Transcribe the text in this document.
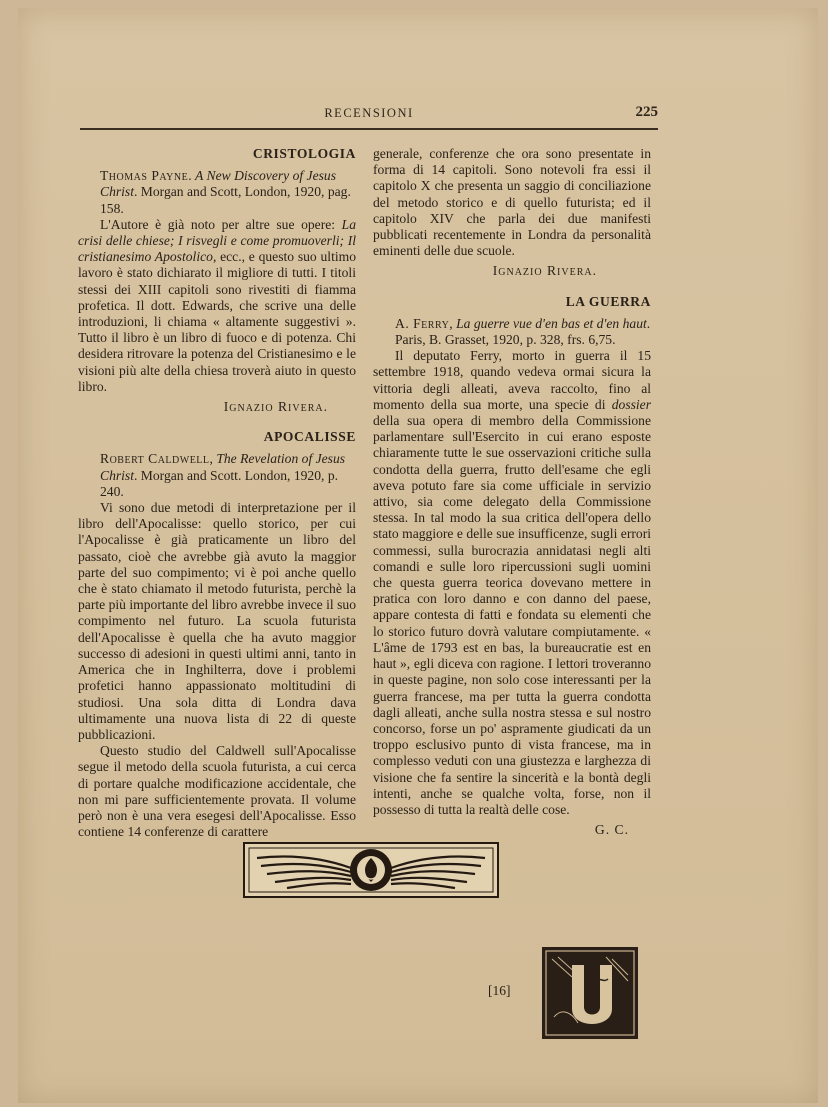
RECENSIONI	225
CRISTOLOGIA

Thomas Payne. A New Discovery of Jesus Christ. Morgan and Scott, London, 1920, pag. 158.

L'Autore è già noto per altre sue opere: La crisi delle chiese; I risvegli e come promuoverli; Il cristianesimo Apostolico, ecc., e questo suo ultimo lavoro è stato dichiarato il migliore di tutti. I titoli stessi dei XIII capitoli sono rivestiti di fiamma profetica. Il dott. Edwards, che scrive una delle introduzioni, li chiama « altamente suggestivi ». Tutto il libro è un libro di fuoco e di potenza. Chi desidera ritrovare la potenza del Cristianesimo e le visioni più alte della chiesa troverà aiuto in questo libro.

Ignazio Rivera.
APOCALISSE

Robert Caldwell, The Revelation of Jesus Christ. Morgan and Scott. London, 1920, p. 240.

Vi sono due metodi di interpretazione per il libro dell'Apocalisse: quello storico, per cui l'Apocalisse è già praticamente un libro del passato, cioè che avrebbe già avuto la maggior parte del suo compimento; vi è poi anche quello che è stato chiamato il metodo futurista, perchè la parte più importante del libro avrebbe invece il suo compimento nel futuro. La scuola futurista dell'Apocalisse è quella che ha avuto maggior successo di adesioni in questi ultimi anni, tanto in America che in Inghilterra, dove i problemi profetici hanno appassionato moltitudini di studiosi. Una sola ditta di Londra dava ultimamente una nuova lista di 22 di queste pubblicazioni.

Questo studio del Caldwell sull'Apocalisse segue il metodo della scuola futurista, a cui cerca di portare qualche modificazione accidentale, che non mi pare sufficientemente provata. Il volume però non è una vera esegesi dell'Apocalisse. Esso contiene 14 conferenze di carattere

generale, conferenze che ora sono presentate in forma di 14 capitoli. Sono notevoli fra essi il capitolo X che presenta un saggio di conciliazione del metodo storico e di quello futurista; ed il capitolo XIV che parla dei due manifesti pubblicati recentemente in Londra da personalità eminenti delle due scuole.

Ignazio Rivera.
LA GUERRA

A. Ferry, La guerre vue d'en bas et d'en haut. Paris, B. Grasset, 1920, p. 328, frs. 6,75.

Il deputato Ferry, morto in guerra il 15 settembre 1918, quando vedeva ormai sicura la vittoria degli alleati, aveva raccolto, fino al momento della sua morte, una specie di dossier della sua opera di membro della Commissione parlamentare sull'Esercito in cui erano esposte chiaramente tutte le sue osservazioni critiche sulla condotta della guerra, frutto dell'esame che egli aveva potuto fare sia come ufficiale in servizio attivo, sia come delegato della Commissione stessa. In tal modo la sua critica dell'opera dello stato maggiore e delle sue insufficenze, sugli errori commessi, sulla burocrazia annidatasi negli alti comandi e sulle loro ripercussioni sugli uomini che questa guerra teorica dovevano mettere in pratica con loro danno e con danno del paese, appare contesta di fatti e fondata su elementi che lo storico futuro dovrà valutare compiutamente. « L'âme de 1793 est en bas, la bureaucratie est en haut », egli diceva con ragione. I lettori troveranno in queste pagine, non solo cose interessanti per la guerra francese, ma per tutta la guerra condotta dagli alleati, anche sulla nostra stessa e sul nostro concorso, forse un po' aspramente giudicati da un troppo esclusivo punto di vista francese, ma in complesso veduti con una giustezza e larghezza di visione che fa sentire la sincerità e la bontà degli intenti, anche se qualche volta, forse, non il possesso di tutta la realtà delle cose.

G. C.
[16]
